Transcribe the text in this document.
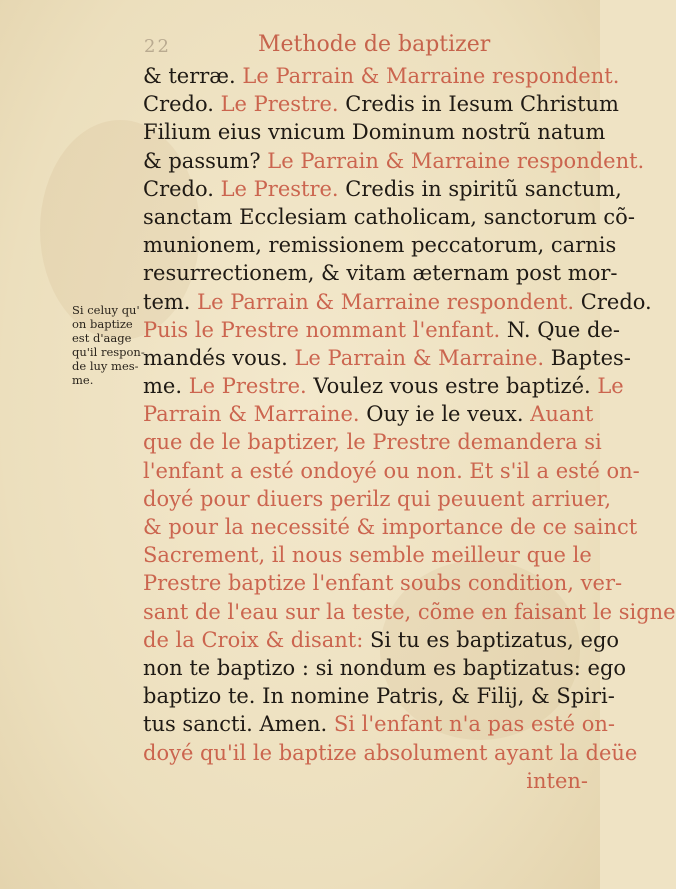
22	Methode de baptizer
Si celuy qu'
on baptize
est d'aage
qu'il respon-
de luy mes-
me.
& terræ. Le Parrain & Marraine respondent.
Credo. Le Prestre. Credis in Iesum Christum
Filium eius vnicum Dominum nostrũ natum
& passum? Le Parrain & Marraine respondent.
Credo. Le Prestre. Credis in spiritũ sanctum,
sanctam Ecclesiam catholicam, sanctorum cõ-
munionem, remissionem peccatorum, carnis
resurrectionem, & vitam æternam post mor-
tem. Le Parrain & Marraine respondent. Credo.
Puis le Prestre nommant l'enfant. N. Que de-
mandés vous. Le Parrain & Marraine. Baptes-
me. Le Prestre. Voulez vous estre baptizé. Le
Parrain & Marraine. Ouy ie le veux. Auant
que de le baptizer, le Prestre demandera si
l'enfant a esté ondoyé ou non. Et s'il a esté on-
doyé pour diuers perilz qui peuuent arriuer,
& pour la necessité & importance de ce sainct
Sacrement, il nous semble meilleur que le
Prestre baptize l'enfant soubs condition, ver-
sant de l'eau sur la teste, cõme en faisant le signe
de la Croix & disant: Si tu es baptizatus, ego
non te baptizo : si nondum es baptizatus: ego
baptizo te. In nomine Patris, & Filij, & Spiri-
tus sancti. Amen. Si l'enfant n'a pas esté on-
doyé qu'il le baptize absolument ayant la deüe
inten-
